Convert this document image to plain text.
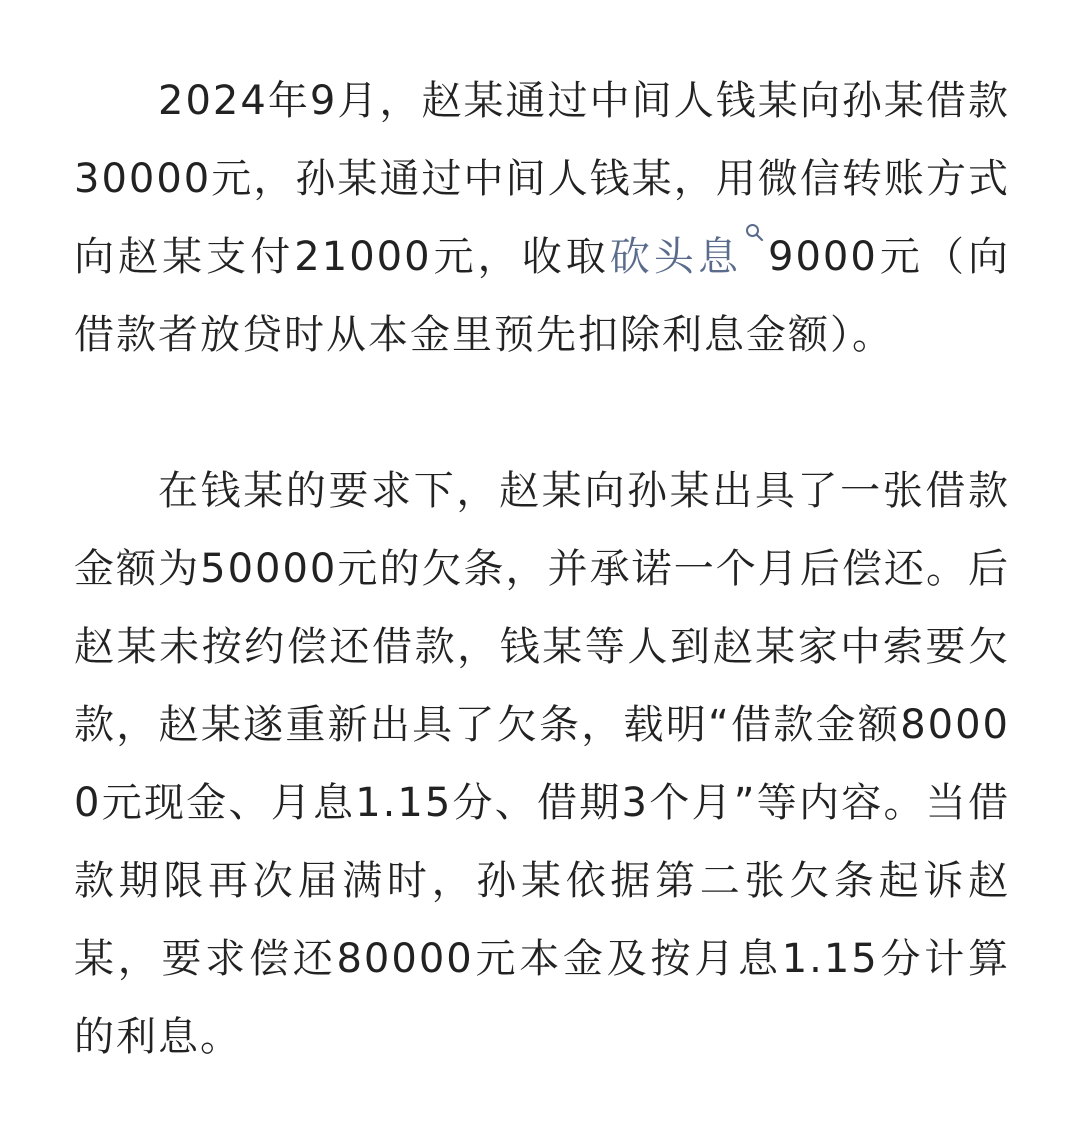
2024年9月，赵某通过中间人钱某向孙某借款30000元，孙某通过中间人钱某，用微信转账方式向赵某支付21000元，收取砍头息 9000元（向借款者放贷时从本金里预先扣除利息金额）。

在钱某的要求下，赵某向孙某出具了一张借款金额为50000元的欠条，并承诺一个月后偿还。后赵某未按约偿还借款，钱某等人到赵某家中索要欠款，赵某遂重新出具了欠条，载明“借款金额80000元现金、月息1.15分、借期3个月”等内容。当借款期限再次届满时，孙某依据第二张欠条起诉赵某，要求偿还80000元本金及按月息1.15分计算的利息。
